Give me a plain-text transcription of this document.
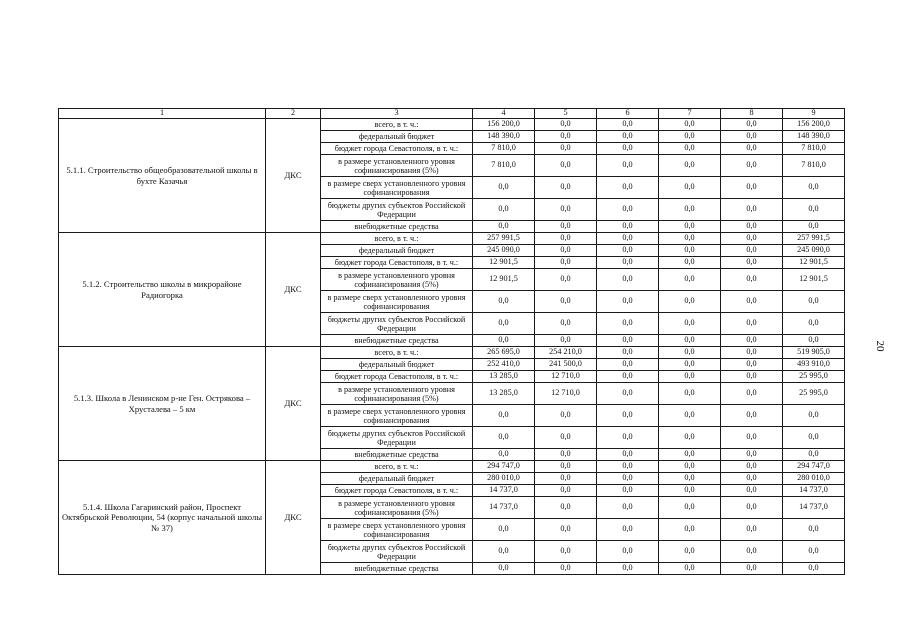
1	2	3	4	5	6	7	8	9
5.1.1. Строительство общеобразовательной школы в бухте Казачья	ДКС	всего, в т. ч.:	156 200,0	0,0	0,0	0,0	0,0	156 200,0
		федеральный бюджет	148 390,0	0,0	0,0	0,0	0,0	148 390,0
		бюджет города Севастополя, в т. ч.:	7 810,0	0,0	0,0	0,0	0,0	7 810,0
		в размере установленного уровня софинансирования (5%)	7 810,0	0,0	0,0	0,0	0,0	7 810,0
		в размере сверх установленного уровня софинансирования	0,0	0,0	0,0	0,0	0,0	0,0
		бюджеты других субъектов Российской Федерации	0,0	0,0	0,0	0,0	0,0	0,0
		внебюджетные средства	0,0	0,0	0,0	0,0	0,0	0,0
5.1.2. Строительство школы в микрорайоне Радиогорка	ДКС	всего, в т. ч.:	257 991,5	0,0	0,0	0,0	0,0	257 991,5
		федеральный бюджет	245 090,0	0,0	0,0	0,0	0,0	245 090,0
		бюджет города Севастополя, в т. ч.:	12 901,5	0,0	0,0	0,0	0,0	12 901,5
		в размере установленного уровня софинансирования (5%)	12 901,5	0,0	0,0	0,0	0,0	12 901,5
		в размере сверх установленного уровня софинансирования	0,0	0,0	0,0	0,0	0,0	0,0
		бюджеты других субъектов Российской Федерации	0,0	0,0	0,0	0,0	0,0	0,0
		внебюджетные средства	0,0	0,0	0,0	0,0	0,0	0,0
5.1.3. Школа в Ленинском р-не Ген. Острякова – Хрусталева – 5 км	ДКС	всего, в т. ч.:	265 695,0	254 210,0	0,0	0,0	0,0	519 905,0
		федеральный бюджет	252 410,0	241 500,0	0,0	0,0	0,0	493 910,0
		бюджет города Севастополя, в т. ч.:	13 285,0	12 710,0	0,0	0,0	0,0	25 995,0
		в размере установленного уровня софинансирования (5%)	13 285,0	12 710,0	0,0	0,0	0,0	25 995,0
		в размере сверх установленного уровня софинансирования	0,0	0,0	0,0	0,0	0,0	0,0
		бюджеты других субъектов Российской Федерации	0,0	0,0	0,0	0,0	0,0	0,0
		внебюджетные средства	0,0	0,0	0,0	0,0	0,0	0,0
5.1.4. Школа Гагаринский район, Проспект Октябрьской Революции, 54 (корпус начальной школы № 37)	ДКС	всего, в т. ч.:	294 747,0	0,0	0,0	0,0	0,0	294 747,0
		федеральный бюджет	280 010,0	0,0	0,0	0,0	0,0	280 010,0
		бюджет города Севастополя, в т. ч.:	14 737,0	0,0	0,0	0,0	0,0	14 737,0
		в размере установленного уровня софинансирования (5%)	14 737,0	0,0	0,0	0,0	0,0	14 737,0
		в размере сверх установленного уровня софинансирования	0,0	0,0	0,0	0,0	0,0	0,0
		бюджеты других субъектов Российской Федерации	0,0	0,0	0,0	0,0	0,0	0,0
		внебюджетные средства	0,0	0,0	0,0	0,0	0,0	0,0
20
